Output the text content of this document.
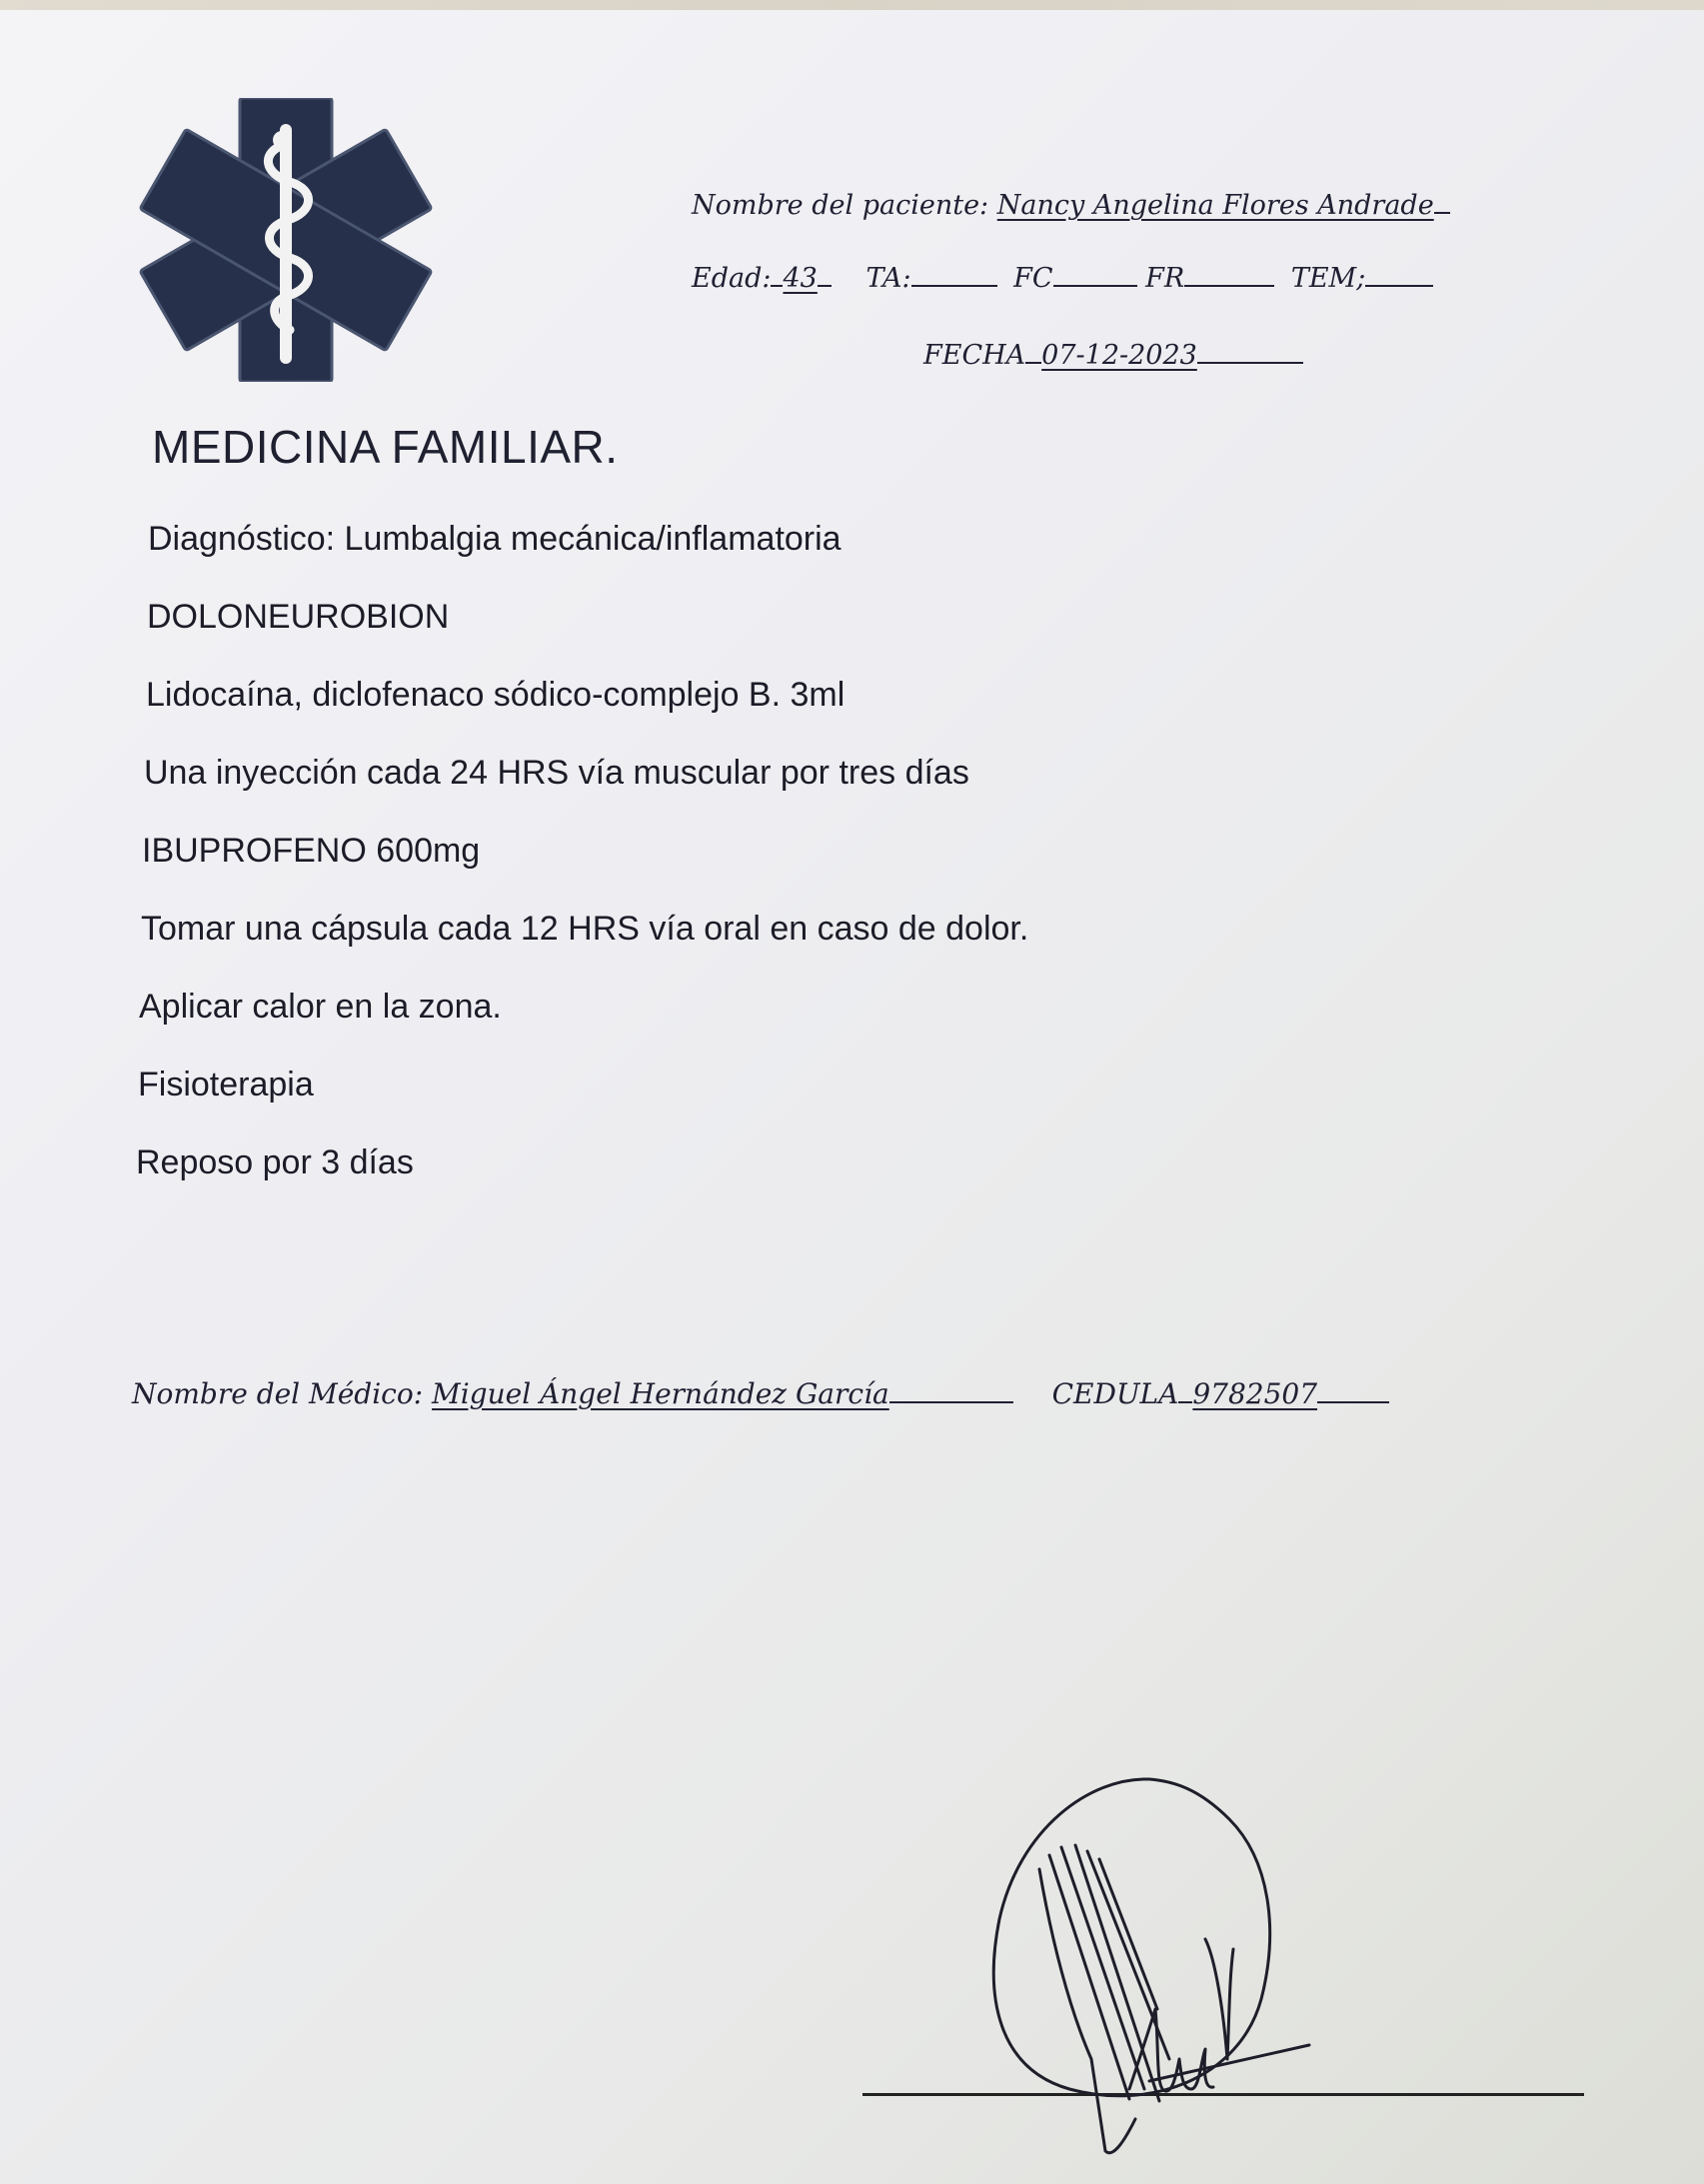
Nombre del paciente: Nancy Angelina Flores Andrade
Edad: 43 TA:	FC	FR	TEM;
FECHA 07-12-2023
MEDICINA FAMILIAR.
Diagnóstico: Lumbalgia mecánica/inflamatoria
DOLONEUROBION
Lidocaína, diclofenaco sódico-complejo B. 3ml
Una inyección cada 24 HRS vía muscular por tres días
IBUPROFENO 600mg
Tomar una cápsula cada 12 HRS vía oral en caso de dolor.
Aplicar calor en la zona.
Fisioterapia
Reposo por 3 días
Nombre del Médico: Miguel Ángel Hernández García	CEDULA 9782507
